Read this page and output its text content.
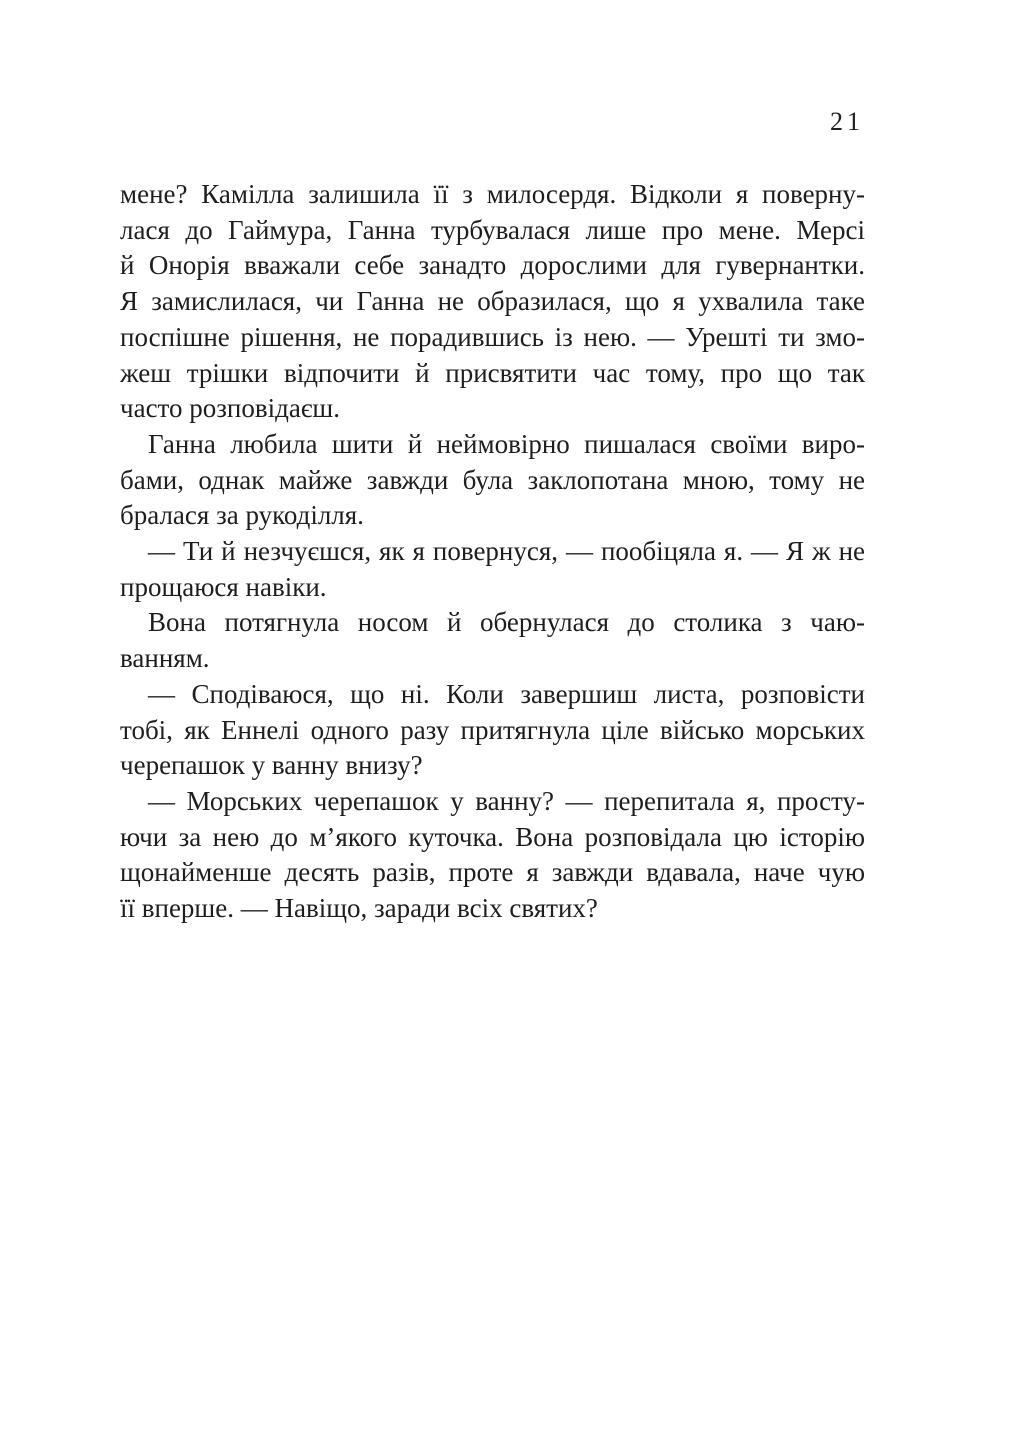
21
мене? Камілла залишила її з милосердя. Відколи я поверну-
лася до Гаймура, Ганна турбувалася лише про мене. Мерсі
й Онорія вважали себе занадто дорослими для гувернантки.
Я замислилася, чи Ганна не образилася, що я ухвалила таке
поспішне рішення, не порадившись із нею. — Урешті ти змо-
жеш трішки відпочити й присвятити час тому, про що так
часто розповідаєш.
Ганна любила шити й неймовірно пишалася своїми виро-
бами, однак майже завжди була заклопотана мною, тому не
бралася за рукоділля.
— Ти й незчуєшся, як я повернуся, — пообіцяла я. — Я ж не
прощаюся навіки.
Вона потягнула носом й обернулася до столика з чаю-
ванням.
— Сподіваюся, що ні. Коли завершиш листа, розповісти
тобі, як Еннелі одного разу притягнула ціле військо морських
черепашок у ванну внизу?
— Морських черепашок у ванну? — перепитала я, просту-
ючи за нею до м’якого куточка. Вона розповідала цю історію
щонайменше десять разів, проте я завжди вдавала, наче чую
її вперше. — Навіщо, заради всіх святих?
